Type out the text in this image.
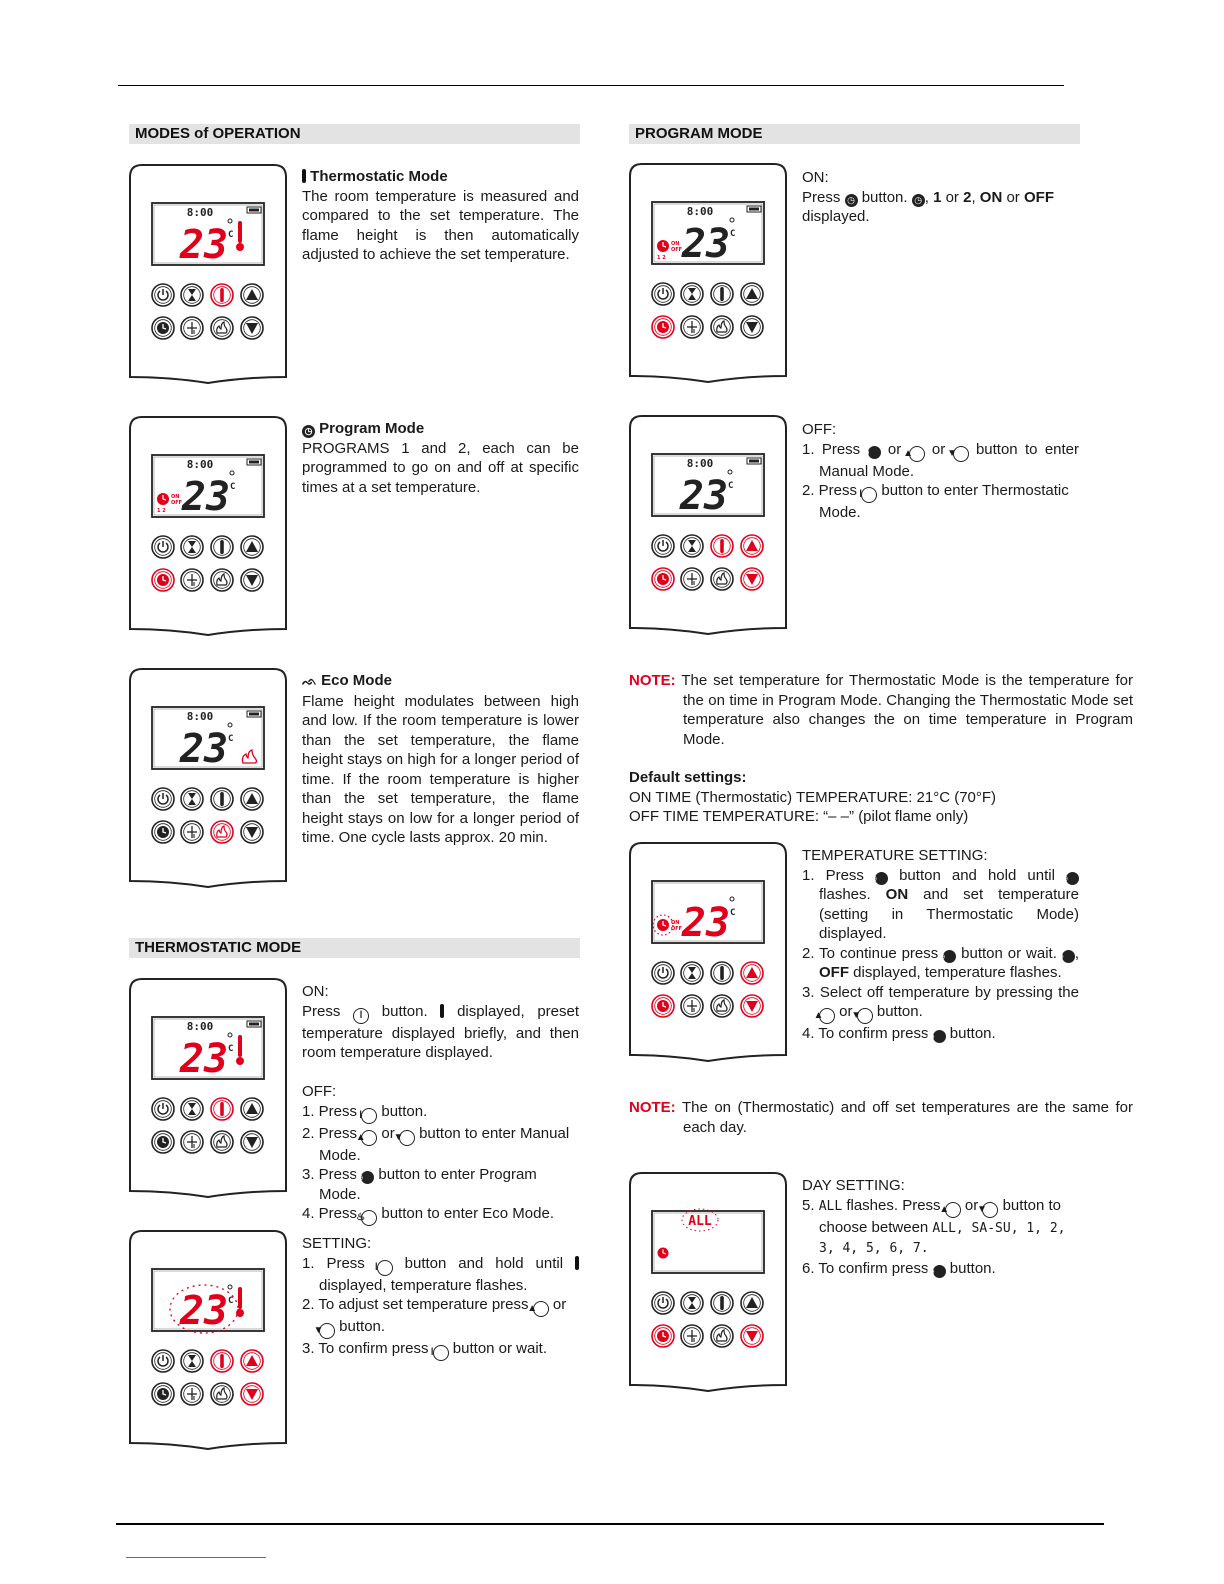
MODES of OPERATION	PROGRAM MODE
THERMOSTATIC MODE
8:00
23 C
8:00
23 C
ON
OFF
1 2
8:00
23 C
8:00
23 C
23 C
8:00
23 C
ON
OFF
1 2
8:00
23 C
23 C
ON
OFF
ALL

Thermostatic Mode

The room temperature is measured and compared to the set temperature. The flame height is then automatically adjusted to achieve the set temperature.

◷ Program Mode

PROGRAMS 1 and 2, each can be programmed to go on and off at specific times at a set temperature.

ᨒ Eco Mode

Flame height modulates between high and low. If the room temperature is lower than the set temperature, the flame height stays on high for a longer period of time. If the room temperature is higher than the set temperature, the flame height stays on low for a longer period of time. One cycle lasts approx. 20 min.

ON:

Press ǀ button. displayed, preset temperature displayed briefly, and then room temperature displayed.

OFF:

1. Press ǀ button.

2. Press ▲ or ▼ button to enter Manual Mode.

3. Press ◷ button to enter Program Mode.

4. Press ♨ button to enter Eco Mode.

SETTING:

1. Press ǀ button and hold until  displayed, temperature flashes.

2. To adjust set temperature press ▲ or ▼ button.

3. To confirm press ǀ button or wait.

ON:

Press ◷ button. ◷ , 1 or 2, ON or OFF displayed.

OFF:

1. Press ◷ or ▲ or ▼ button to enter Manual Mode.

2. Press ǀ button to enter Thermostatic Mode.

NOTE: The set temperature for Thermostatic Mode is the temperature for the on time in Program Mode. Changing the Thermostatic Mode set temperature also changes the on time temperature in Program Mode.

Default settings:

ON TIME (Thermostatic) TEMPERATURE: 21°C (70°F)

OFF TIME TEMPERATURE: “– –” (pilot flame only)

TEMPERATURE SETTING:

1. Press ◷ button and hold until ◷ flashes. ON and set temperature (setting in Thermostatic Mode) displayed.

2. To continue press ◷ button or wait. ◷ , OFF displayed, temperature flashes.

3. Select off temperature by pressing the ▲ or ▼ button.

4. To confirm press ◷ button.

NOTE: The on (Thermostatic) and off set temperatures are the same for each day.

DAY SETTING:

5. ALL flashes. Press ▲ or ▼ button to choose between ALL, SA-SU, 1, 2, 3, 4, 5, 6, 7.

6. To confirm press ◷ button.
